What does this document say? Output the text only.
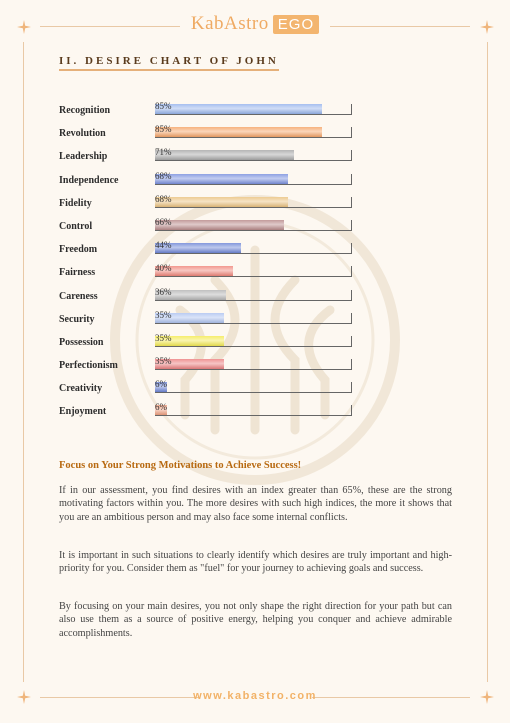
KabAstro EGO
II. DESIRE CHART OF JOHN
Recognition	85%
Revolution	85%
Leadership	71%
Independence	68%
Fidelity	68%
Control	66%
Freedom	44%
Fairness	40%
Careness	36%
Security	35%
Possession	35%
Perfectionism	35%
Creativity	6%
Enjoyment	6%
Focus on Your Strong Motivations to Achieve Success!

If in our assessment, you find desires with an index greater than 65%, these are the strong motivating factors within you. The more desires with such high indices, the more it shows that you are an ambitious person and may also face some internal conflicts.

It is important in such situations to clearly identify which desires are truly important and high-priority for you. Consider them as "fuel" for your journey to achieving goals and success.

By focusing on your main desires, you not only shape the right direction for your path but can also use them as a source of positive energy, helping you conquer and achieve admirable accomplishments.

www.kabastro.com
